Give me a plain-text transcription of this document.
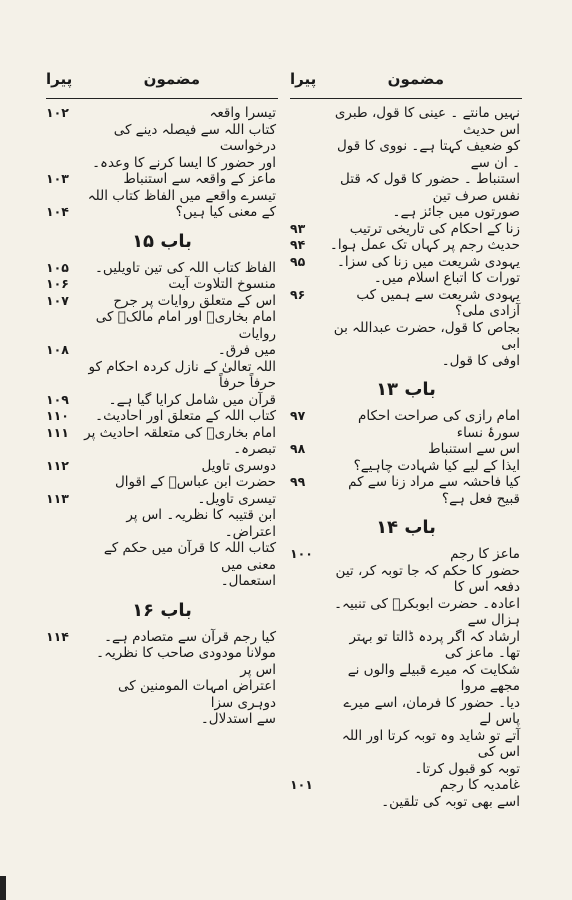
مضمون
پیرا
نہیں مانتے ۔ عینی کا قول، طبری اس حدیث
کو ضعیف کہتا ہے۔ نووی کا قول ۔ ان سے
استنباط ۔ حضور کا قول کہ قتل نفس صرف تین
صورتوں میں جائز ہے۔
زنا کے احکام کی تاریخی ترتیب
۹۳
حدیث رجم پر کہاں تک عمل ہوا۔
۹۴
یہودی شریعت میں زنا کی سزا۔
۹۵
تورات کا اتباع اسلام میں۔
یہودی شریعت سے ہمیں کب آزادی ملی؟
۹۶
بجاص کا قول، حضرت عبداللہ بن ابی
اوفی کا قول۔
باب ۱۳
امام رازی کی صراحت احکام سورۂ نساء
۹۷
اس سے استنباط
۹۸
ایذا کے لیے کیا شہادت چاہیے؟
کیا فاحشہ سے مراد زنا سے کم قبیح فعل ہے؟
۹۹
باب ۱۴
ماعز کا رجم
۱۰۰
حضور کا حکم کہ جا توبہ کر، تین دفعہ اس کا
اعادہ۔ حضرت ابوبکرؓ کی تنبیہ۔ ہزال سے
ارشاد کہ اگر پردہ ڈالتا تو بہتر تھا۔ ماعز کی
شکایت کہ میرے قبیلے والوں نے مجھے مروا
دیا۔ حضور کا فرمان، اسے میرے پاس لے
آتے تو شاید وہ توبہ کرتا اور اللہ اس کی
توبہ کو قبول کرتا۔
غامدیہ کا رجم
۱۰۱
اسے بھی توبہ کی تلقین۔
مضمون
پیرا
تیسرا واقعہ
۱۰۲
کتاب اللہ سے فیصلہ دینے کی درخواست
اور حضور کا ایسا کرنے کا وعدہ۔
ماعز کے واقعہ سے استنباط
۱۰۳
تیسرے واقعے میں الفاظ کتاب اللہ
کے معنی کیا ہیں؟
۱۰۴
باب ۱۵
الفاظ کتاب اللہ کی تین تاویلیں۔
۱۰۵
منسوخ التلاوت آیت
۱۰۶
اس کے متعلق روایات پر جرح
۱۰۷
امام بخاریؒ اور امام مالکؒ کی روایات
میں فرق۔
۱۰۸
اللہ تعالیٰ کے نازل کردہ احکام کو حرفاً حرفاً
قرآن میں شامل کرایا گیا ہے۔
۱۰۹
کتاب اللہ کے متعلق اور احادیث۔
۱۱۰
امام بخاریؒ کی متعلقہ احادیث پر تبصرہ۔
۱۱۱
دوسری تاویل
۱۱۲
حضرت ابن عباسؓ کے اقوال
تیسری تاویل۔
۱۱۳
ابن قتیبہ کا نظریہ۔ اس پر اعتراض۔
کتاب اللہ کا قرآن میں حکم کے معنی میں
استعمال۔
باب ۱۶
کیا رجم قرآن سے متصادم ہے۔
۱۱۴
مولانا مودودی صاحب کا نظریہ۔ اس پر
اعتراض امہات المومنین کی دوہری سزا
سے استدلال۔
